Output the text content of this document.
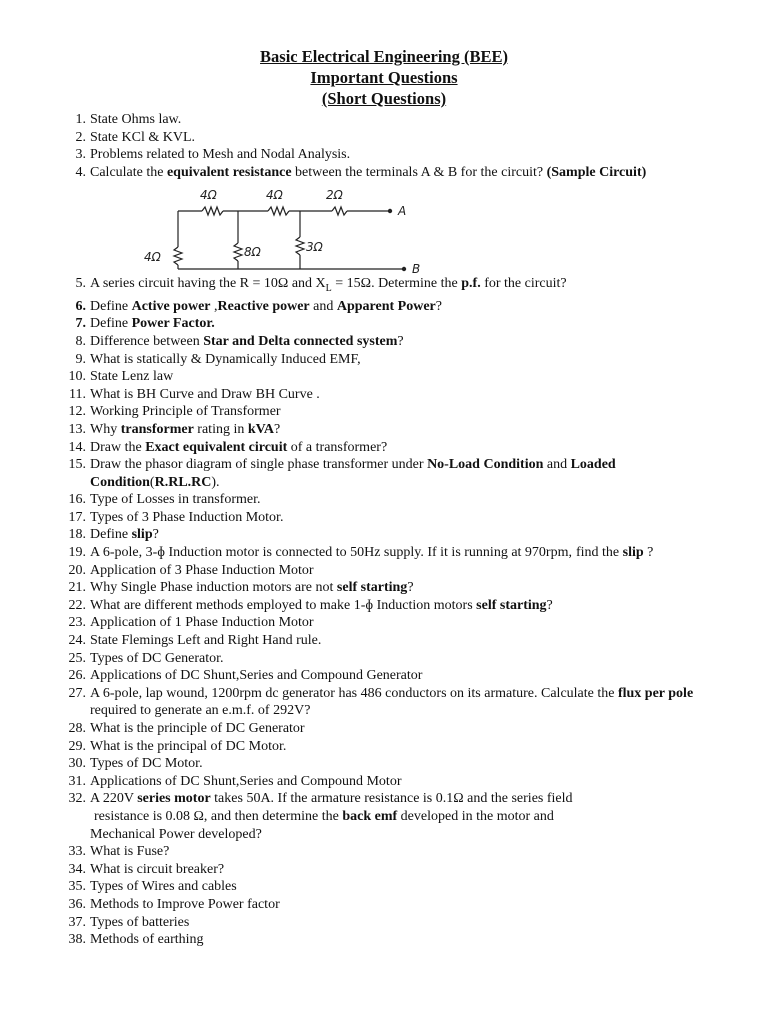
Basic Electrical Engineering (BEE)
Important Questions
(Short Questions)
1. State Ohms law.
2. State KCl & KVL.
3. Problems related to Mesh and Nodal Analysis.
4. Calculate the equivalent resistance between the terminals A & B for the circuit? (Sample Circuit)
4Ω	4Ω	2Ω
A
4Ω	8Ω	3Ω
B
5. A series circuit having the R = 10Ω and $X_L = 15\Omega$. Determine the p.f. for the circuit?
6. Define Active power ,Reactive power and Apparent Power?
7. Define Power Factor.
8. Difference between Star and Delta connected system?
9. What is statically & Dynamically Induced EMF,
10. State Lenz law
11. What is BH Curve and Draw BH Curve .
12. Working Principle of Transformer
13. Why transformer rating in kVA?
14. Draw the Exact equivalent circuit of a transformer?
15. Draw the phasor diagram of single phase transformer under No-Load Condition and Loaded Condition(R.RL.RC).
16. Type of Losses in transformer.
17. Types of 3 Phase Induction Motor.
18. Define slip?
19. A 6-pole, 3-ɸ Induction motor is connected to 50Hz supply. If it is running at 970rpm, find the slip ?
20. Application of 3 Phase Induction Motor
21. Why Single Phase induction motors are not self starting?
22. What are different methods employed to make 1-ɸ Induction motors self starting?
23. Application of 1 Phase Induction Motor
24. State Flemings Left and Right Hand rule.
25. Types of DC Generator.
26. Applications of DC Shunt,Series and Compound Generator
27. A 6-pole, lap wound, 1200rpm dc generator has 486 conductors on its armature. Calculate the flux per pole required to generate an e.m.f. of 292V?
28. What is the principle of DC Generator
29. What is the principal of DC Motor.
30. Types of DC Motor.
31. Applications of DC Shunt,Series and Compound Motor
32. A 220V series motor takes 50A. If the armature resistance is 0.1Ω and the series fieldresistance is 0.08 Ω, and then determine the back emf developed in the motor and
Mechanical Power developed?
33. What is Fuse?
34. What is circuit breaker?
35. Types of Wires and cables
36. Methods to Improve Power factor
37. Types of batteries
38. Methods of earthing
